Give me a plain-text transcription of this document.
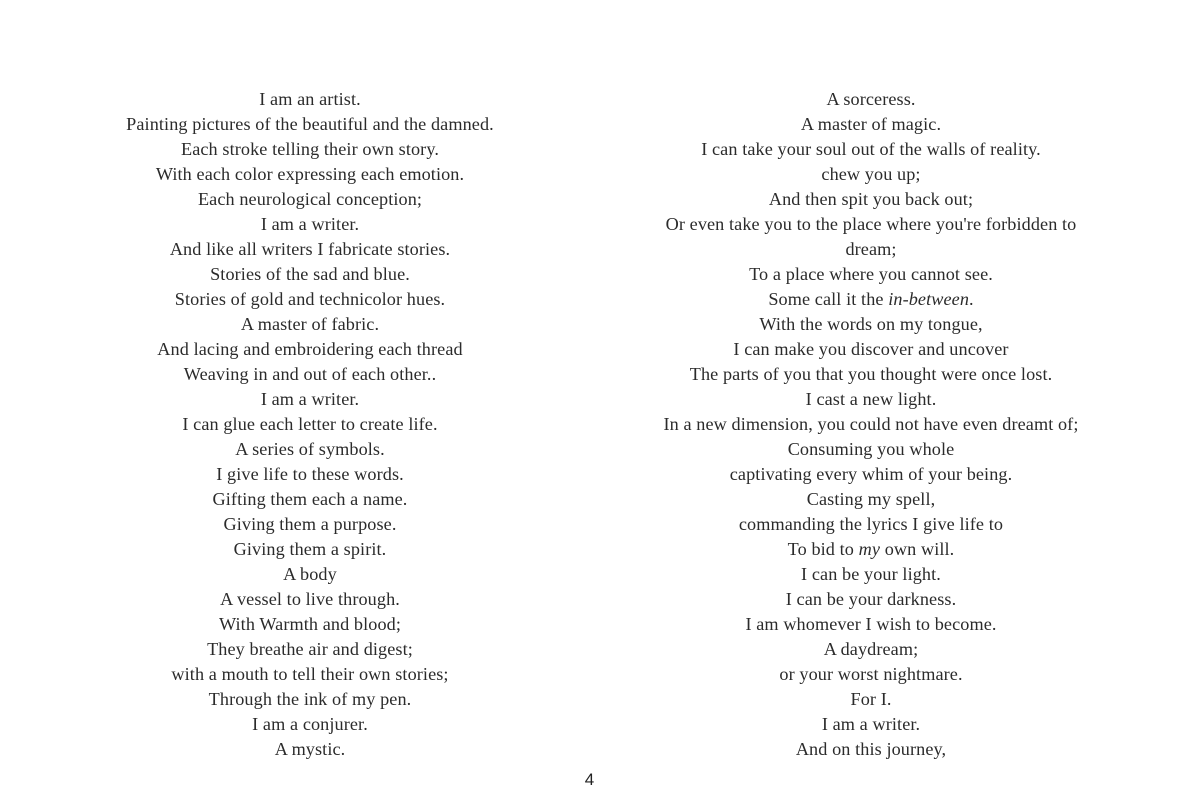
I am an artist.
Painting pictures of the beautiful and the damned.
Each stroke telling their own story.
With each color expressing each emotion.
Each neurological conception;
I am a writer.
And like all writers I fabricate stories.
Stories of the sad and blue.
Stories of gold and technicolor hues.
A master of fabric.
And lacing and embroidering each thread
Weaving in and out of each other..
I am a writer.
I can glue each letter to create life.
A series of symbols.
I give life to these words.
Gifting them each a name.
Giving them a purpose.
Giving them a spirit.
A body
A vessel to live through.
With Warmth and blood;
They breathe air and digest;
with a mouth to tell their own stories;
Through the ink of my pen.
I am a conjurer.
A mystic.
A sorceress.
A master of magic.
I can take your soul out of the walls of reality.
chew you up;
And then spit you back out;
Or even take you to the place where you're forbidden to
dream;
To a place where you cannot see.
Some call it the in-between.
With the words on my tongue,
I can make you discover and uncover
The parts of you that you thought were once lost.
I cast a new light.
In a new dimension, you could not have even dreamt of;
Consuming you whole
captivating every whim of your being.
Casting my spell,
commanding the lyrics I give life to
To bid to my own will.
I can be your light.
I can be your darkness.
I am whomever I wish to become.
A daydream;
or your worst nightmare.
For I.
I am a writer.
And on this journey,
4
